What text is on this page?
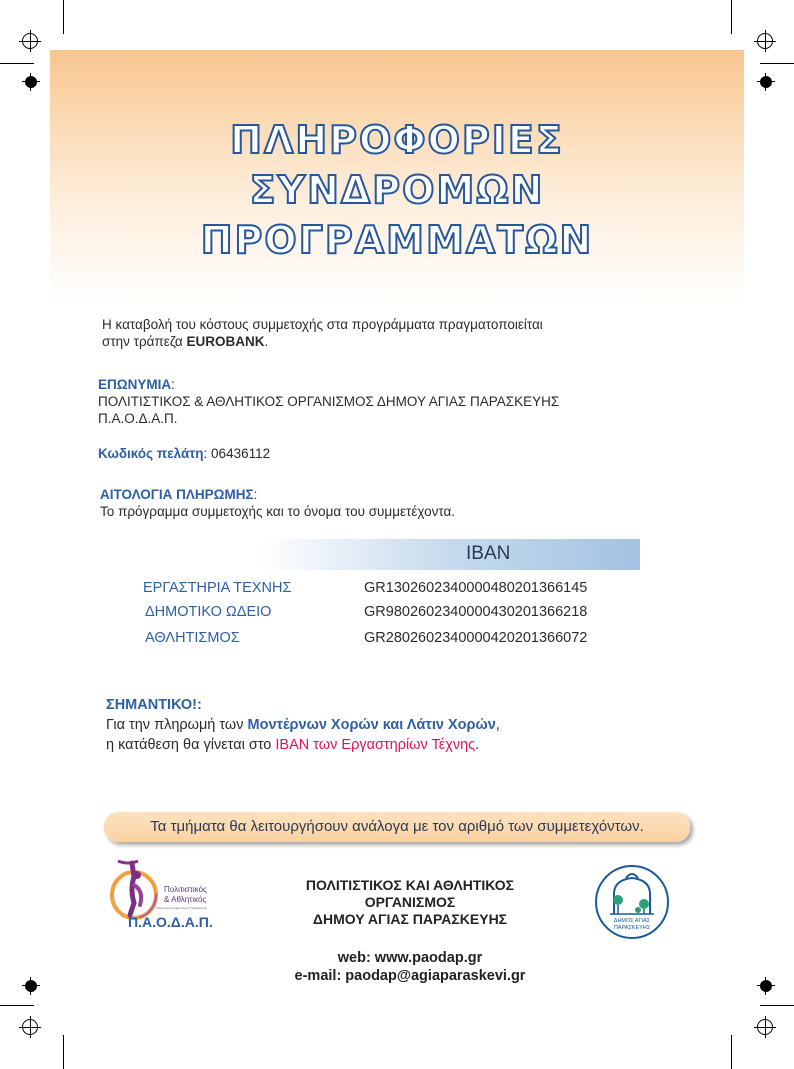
ΠΛΗΡΟΦΟΡΙΕΣ
ΣΥΝΔΡΟΜΩΝ
ΠΡΟΓΡΑΜΜΑΤΩΝ
Η καταβολή του κόστους συμμετοχής στα προγράμματα πραγματοποιείται
στην τράπεζα EUROBANK.
ΕΠΩΝΥΜΙΑ:
ΠΟΛΙΤΙΣΤΙΚΟΣ & ΑΘΛΗΤΙΚΟΣ ΟΡΓΑΝΙΣΜΟΣ ΔΗΜΟΥ ΑΓΙΑΣ ΠΑΡΑΣΚΕΥΗΣ
Π.Α.Ο.Δ.Α.Π.
Κωδικός πελάτη: 06436112
ΑΙΤΟΛΟΓΙΑ ΠΛΗΡΩΜΗΣ:
Το πρόγραμμα συμμετοχής και το όνομα του συμμετέχοντα.
IBAN
ΕΡΓΑΣΤΗΡΙΑ ΤΕΧΝΗΣ	GR1302602340000480201366145
ΔΗΜΟΤΙΚΟ ΩΔΕΙΟ	GR9802602340000430201366218
ΑΘΛΗΤΙΣΜΟΣ	GR2802602340000420201366072
ΣΗΜΑΝΤΙΚΟ!:
Για την πληρωμή των Μοντέρνων Χορών και Λάτιν Χορών,
η κατάθεση θα γίνεται στο IBAN των Εργαστηρίων Τέχνης.
Τα τμήματα θα λειτουργήσουν ανάλογα με τον αριθμό των συμμετεχόντων.
Πολιτιστικός
& Αθλητικός
Οργανισμός Δήμου Αγίας Παρασκευής
Π.Α.Ο.Δ.Α.Π.
ΠΟΛΙΤΙΣΤΙΚΟΣ ΚΑΙ ΑΘΛΗΤΙΚΟΣ
ΟΡΓΑΝΙΣΜΟΣ
ΔΗΜΟΥ ΑΓΙΑΣ ΠΑΡΑΣΚΕΥΗΣ
web: www.paodap.gr
e-mail: paodap@agiaparaskevi.gr
ΔΗΜΟΣ ΑΓΙΑΣ
ΠΑΡΑΣΚΕΥΗΣ
